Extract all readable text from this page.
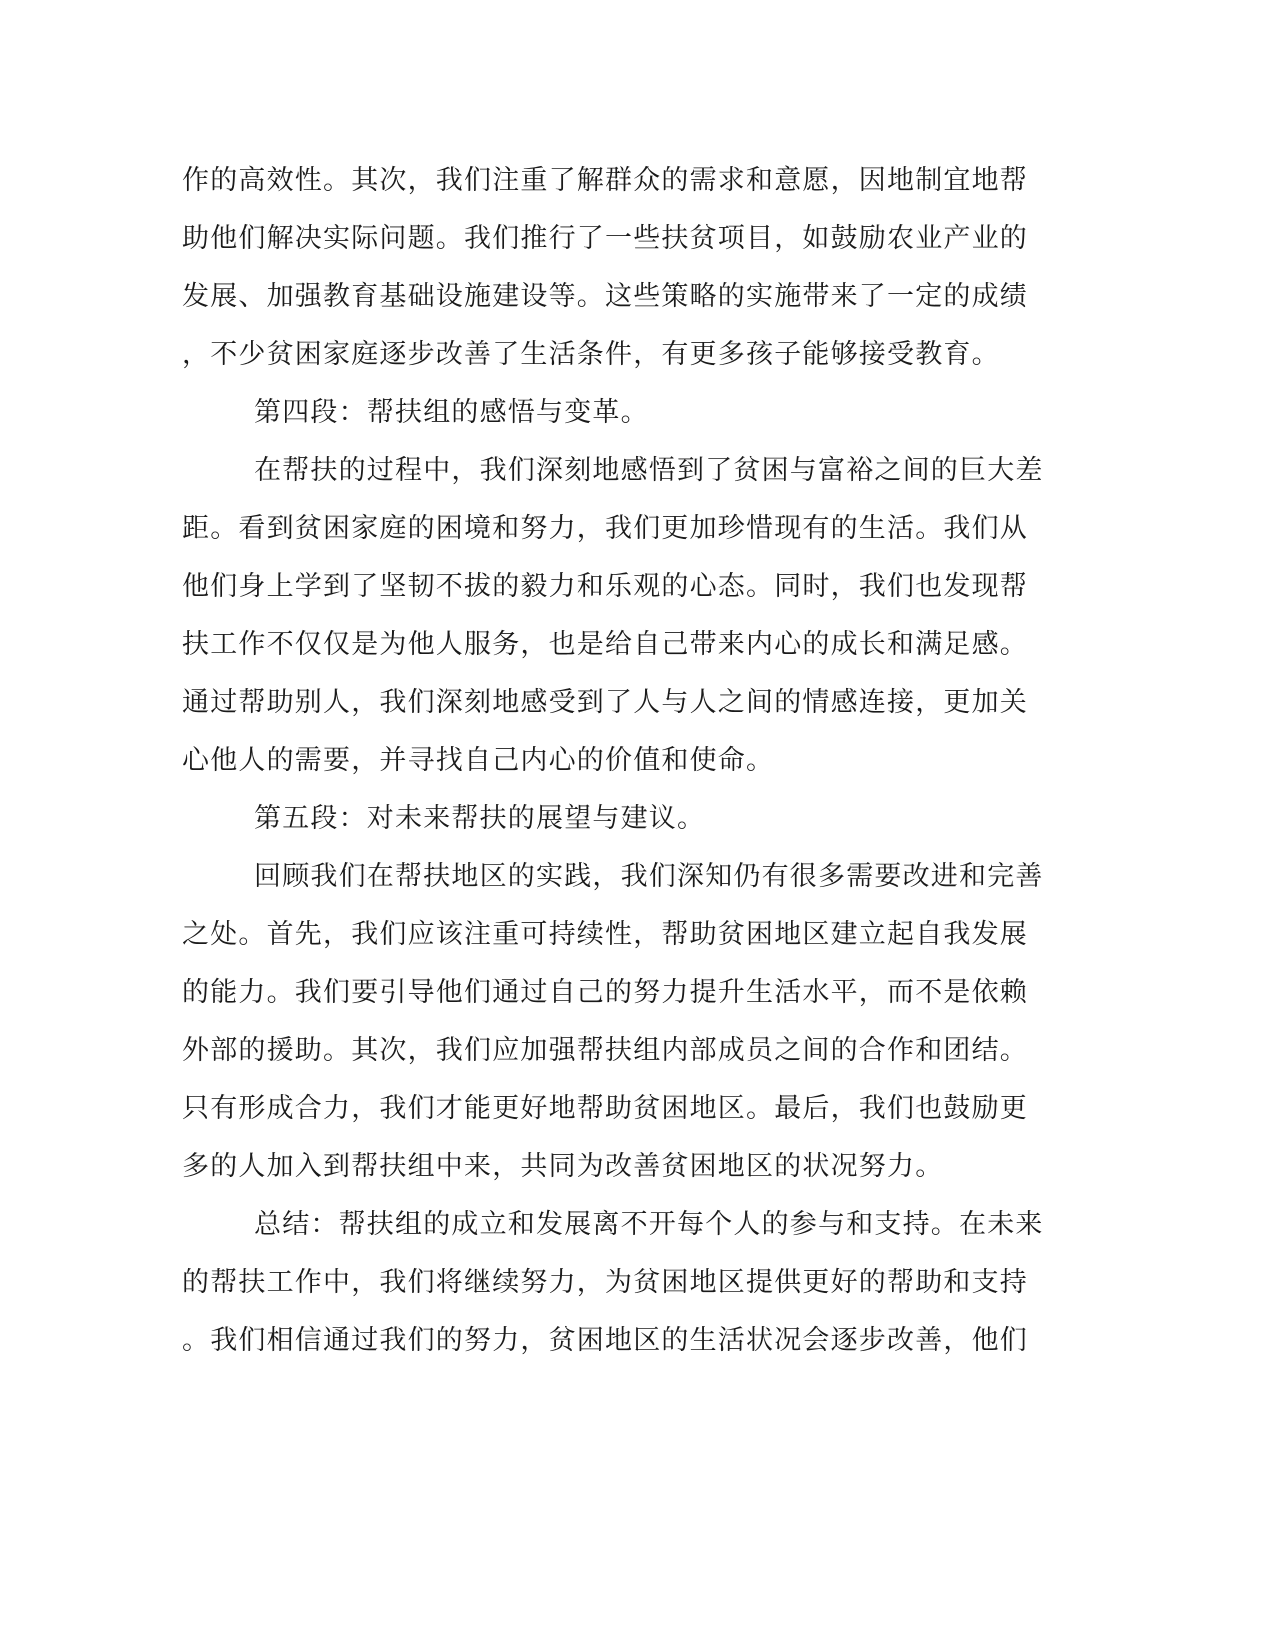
作的高效性。其次，我们注重了解群众的需求和意愿，因地制宜地帮
助他们解决实际问题。我们推行了一些扶贫项目，如鼓励农业产业的
发展、加强教育基础设施建设等。这些策略的实施带来了一定的成绩
，不少贫困家庭逐步改善了生活条件，有更多孩子能够接受教育。
第四段：帮扶组的感悟与变革。
在帮扶的过程中，我们深刻地感悟到了贫困与富裕之间的巨大差
距。看到贫困家庭的困境和努力，我们更加珍惜现有的生活。我们从
他们身上学到了坚韧不拔的毅力和乐观的心态。同时，我们也发现帮
扶工作不仅仅是为他人服务，也是给自己带来内心的成长和满足感。
通过帮助别人，我们深刻地感受到了人与人之间的情感连接，更加关
心他人的需要，并寻找自己内心的价值和使命。
第五段：对未来帮扶的展望与建议。
回顾我们在帮扶地区的实践，我们深知仍有很多需要改进和完善
之处。首先，我们应该注重可持续性，帮助贫困地区建立起自我发展
的能力。我们要引导他们通过自己的努力提升生活水平，而不是依赖
外部的援助。其次，我们应加强帮扶组内部成员之间的合作和团结。
只有形成合力，我们才能更好地帮助贫困地区。最后，我们也鼓励更
多的人加入到帮扶组中来，共同为改善贫困地区的状况努力。
总结：帮扶组的成立和发展离不开每个人的参与和支持。在未来
的帮扶工作中，我们将继续努力，为贫困地区提供更好的帮助和支持
。我们相信通过我们的努力，贫困地区的生活状况会逐步改善，他们
